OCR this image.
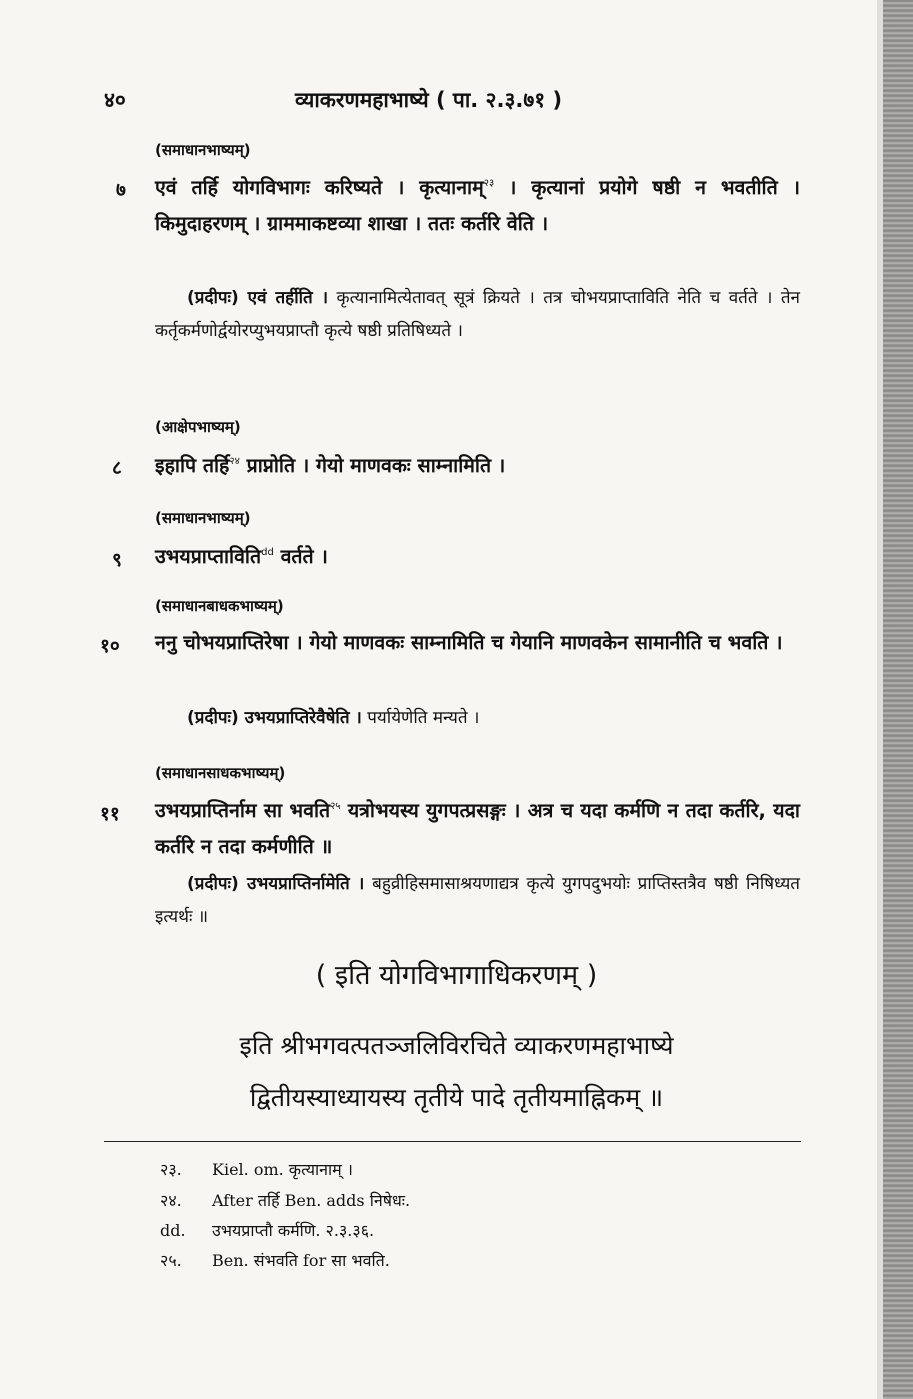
४०	व्याकरणमहाभाष्ये ( पा. २.३.७१ )
(समाधानभाष्यम्)
७ एवं तर्हि योगविभागः करिष्यते । कृत्यानाम्$^{२३}$ । कृत्यानां प्रयोगे षष्ठी न भवतीति । किमुदाहरणम् । ग्राममाकष्टव्या शाखा । ततः कर्तरि वेति ।
(प्रदीपः) एवं तर्हीति । कृत्यानामित्येतावत् सूत्रं क्रियते । तत्र चोभयप्राप्ताविति नेति च वर्तते । तेन कर्तृकर्मणोर्द्वयोरप्युभयप्राप्तौ कृत्ये षष्ठी प्रतिषिध्यते ।
(आक्षेपभाष्यम्)
८ इहापि तर्हि$^{२४}$ प्राप्नोति । गेयो माणवकः साम्नामिति ।
(समाधानभाष्यम्)
९ उभयप्राप्ताविति$^{dd}$ वर्तते ।
(समाधानबाधकभाष्यम्)
१० ननु चोभयप्राप्तिरेषा । गेयो माणवकः साम्नामिति च गेयानि माणवकेन सामानीति च भवति ।
(प्रदीपः) उभयप्राप्तिरेवैषेति । पर्यायेणेति मन्यते ।
(समाधानसाधकभाष्यम्)
११ उभयप्राप्तिर्नाम सा भवति$^{२५}$ यत्रोभयस्य युगपत्प्रसङ्गः । अत्र च यदा कर्मणि न तदा कर्तरि, यदा कर्तरि न तदा कर्मणीति ॥
(प्रदीपः) उभयप्राप्तिर्नामेति । बहुव्रीहिसमासाश्रयणाद्यत्र कृत्ये युगपदुभयोः प्राप्तिस्तत्रैव षष्ठी निषिध्यत इत्यर्थः ॥
( इति योगविभागाधिकरणम् )
इति श्रीभगवत्पतञ्जलिविरचिते व्याकरणमहाभाष्ये
द्वितीयस्याध्यायस्य तृतीये पादे तृतीयमाह्निकम् ॥
२३. Kiel. om. कृत्यानाम् ।
२४. After तर्हि Ben. adds निषेधः.
dd. उभयप्राप्तौ कर्मणि. २.३.३६.
२५. Ben. संभवति for सा भवति.
